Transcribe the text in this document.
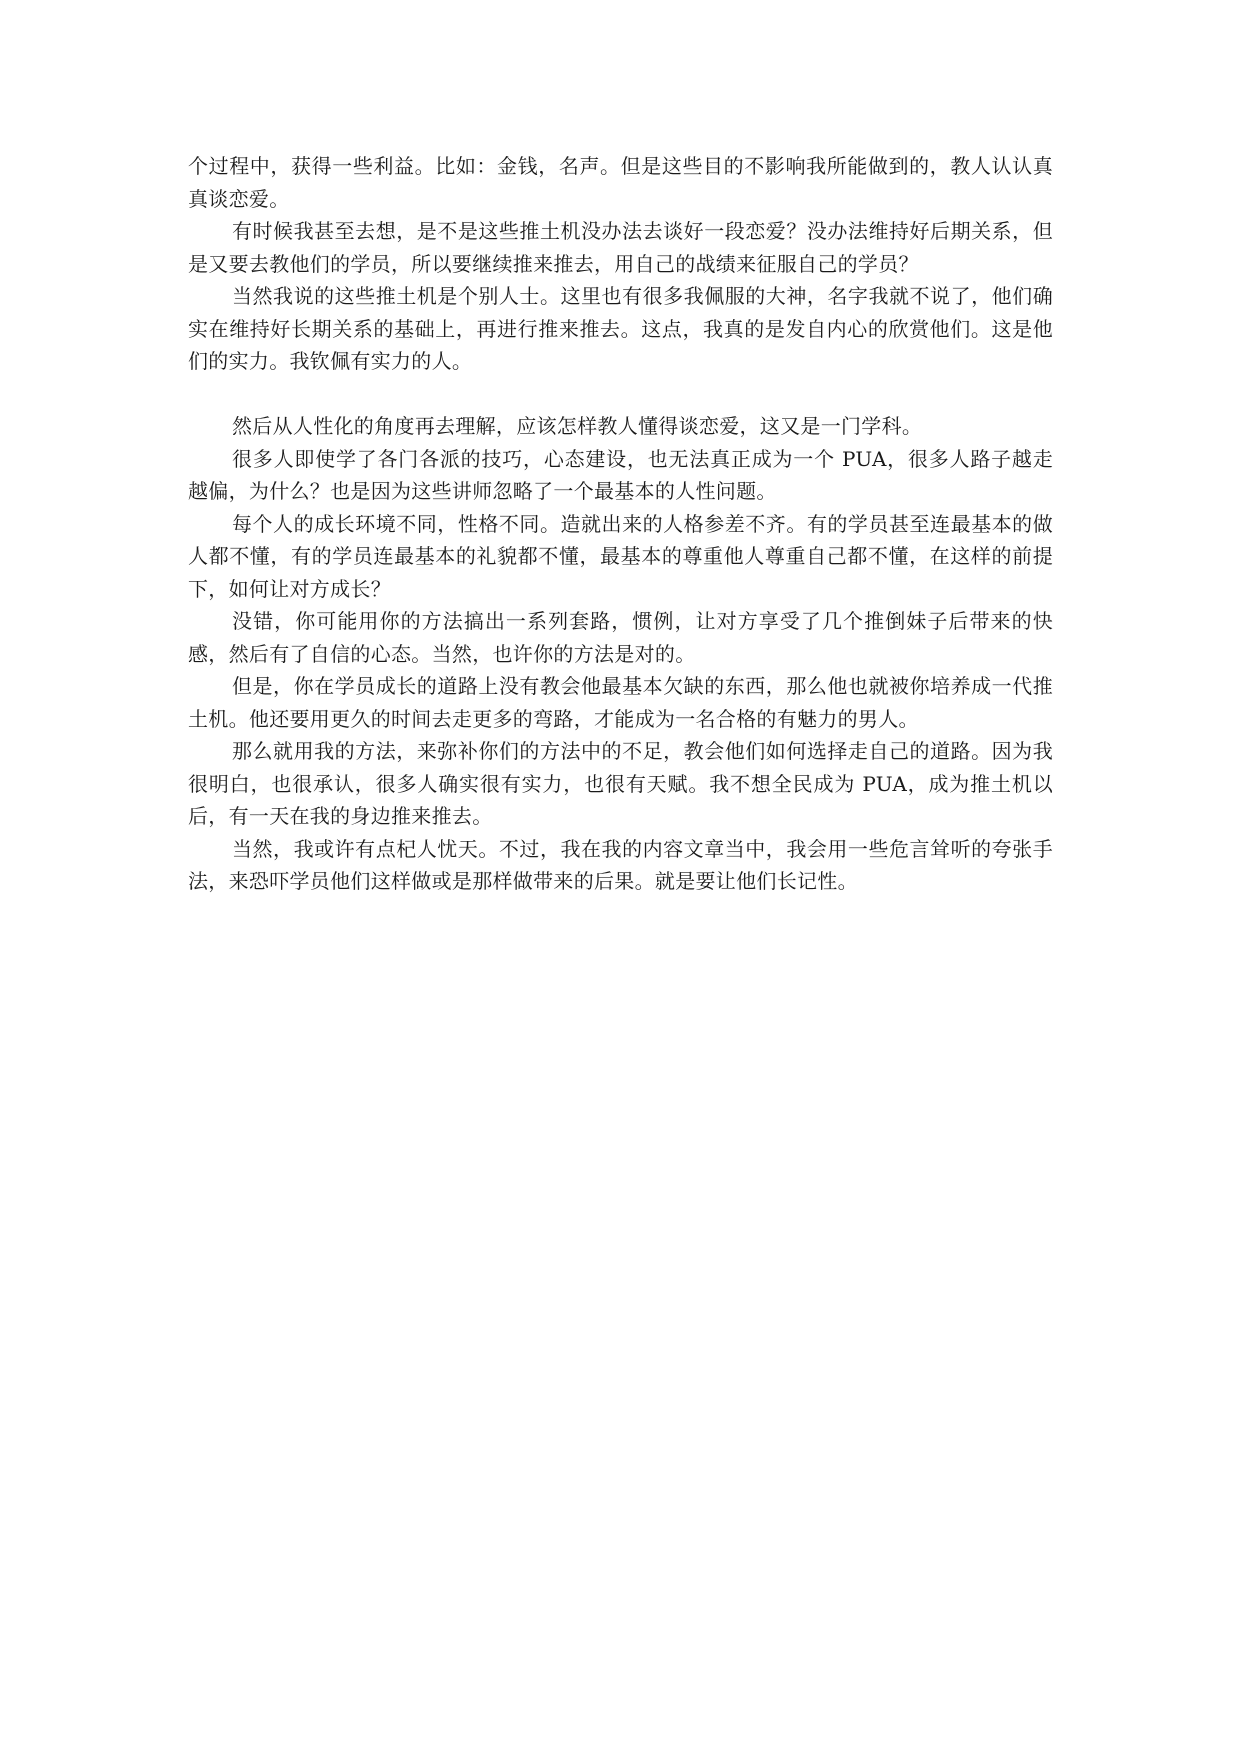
个过程中，获得一些利益。比如：金钱，名声。但是这些目的不影响我所能做到的，教人认认真真谈恋爱。

有时候我甚至去想，是不是这些推土机没办法去谈好一段恋爱？没办法维持好后期关系，但是又要去教他们的学员，所以要继续推来推去，用自己的战绩来征服自己的学员？

当然我说的这些推土机是个别人士。这里也有很多我佩服的大神，名字我就不说了，他们确实在维持好长期关系的基础上，再进行推来推去。这点，我真的是发自内心的欣赏他们。这是他们的实力。我钦佩有实力的人。

然后从人性化的角度再去理解，应该怎样教人懂得谈恋爱，这又是一门学科。

很多人即使学了各门各派的技巧，心态建设，也无法真正成为一个 PUA，很多人路子越走越偏，为什么？也是因为这些讲师忽略了一个最基本的人性问题。

每个人的成长环境不同，性格不同。造就出来的人格参差不齐。有的学员甚至连最基本的做人都不懂，有的学员连最基本的礼貌都不懂，最基本的尊重他人尊重自己都不懂，在这样的前提下，如何让对方成长？

没错，你可能用你的方法搞出一系列套路，惯例，让对方享受了几个推倒妹子后带来的快感，然后有了自信的心态。当然，也许你的方法是对的。

但是，你在学员成长的道路上没有教会他最基本欠缺的东西，那么他也就被你培养成一代推土机。他还要用更久的时间去走更多的弯路，才能成为一名合格的有魅力的男人。

那么就用我的方法，来弥补你们的方法中的不足，教会他们如何选择走自己的道路。因为我很明白，也很承认，很多人确实很有实力，也很有天赋。我不想全民成为 PUA，成为推土机以后，有一天在我的身边推来推去。

当然，我或许有点杞人忧天。不过，我在我的内容文章当中，我会用一些危言耸听的夸张手法，来恐吓学员他们这样做或是那样做带来的后果。就是要让他们长记性。
